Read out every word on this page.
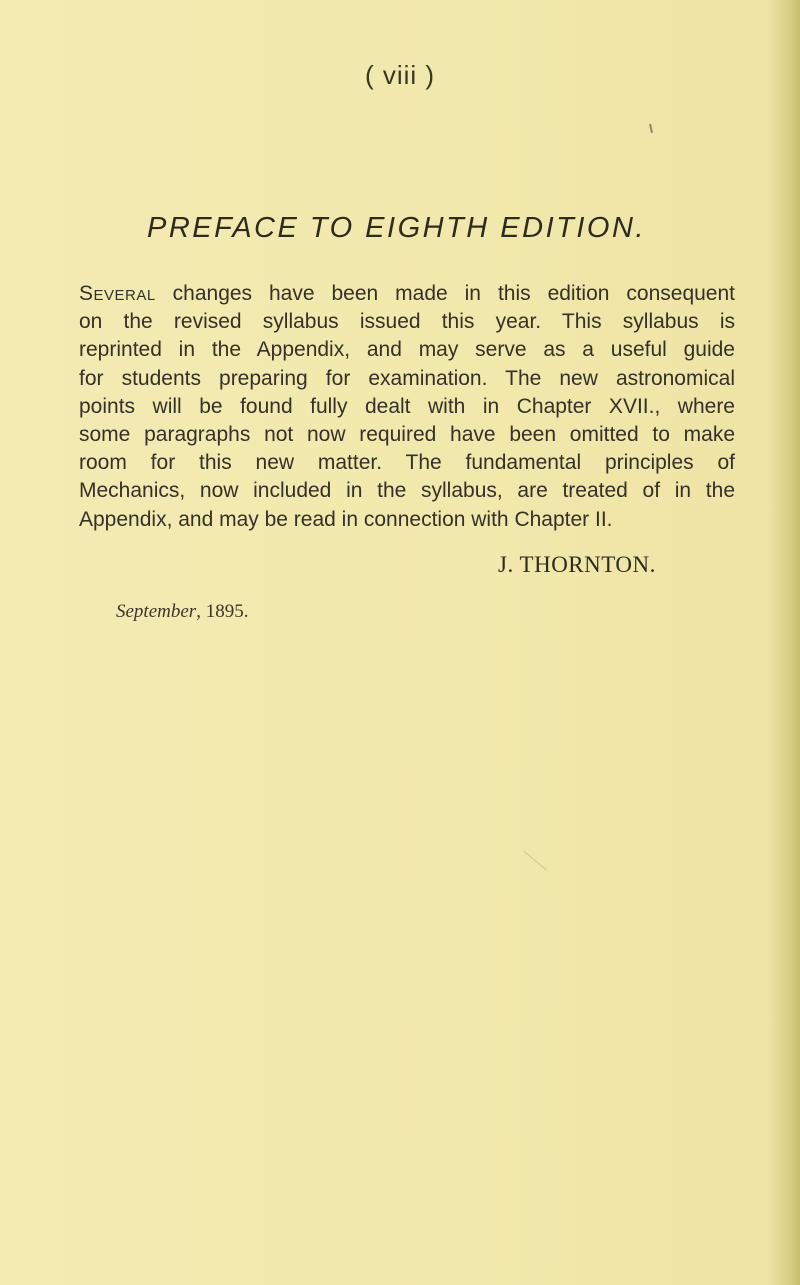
( viii )
PREFACE TO EIGHTH EDITION.
Several changes have been made in this edition consequent
on the revised syllabus issued this year. This syllabus is
reprinted in the Appendix, and may serve as a useful guide
for students preparing for examination. The new astronomical
points will be found fully dealt with in Chapter XVII., where
some paragraphs not now required have been omitted to make
room for this new matter. The fundamental principles of
Mechanics, now included in the syllabus, are treated of in the
Appendix, and may be read in connection with Chapter II.
J. THORNTON.
September, 1895.
